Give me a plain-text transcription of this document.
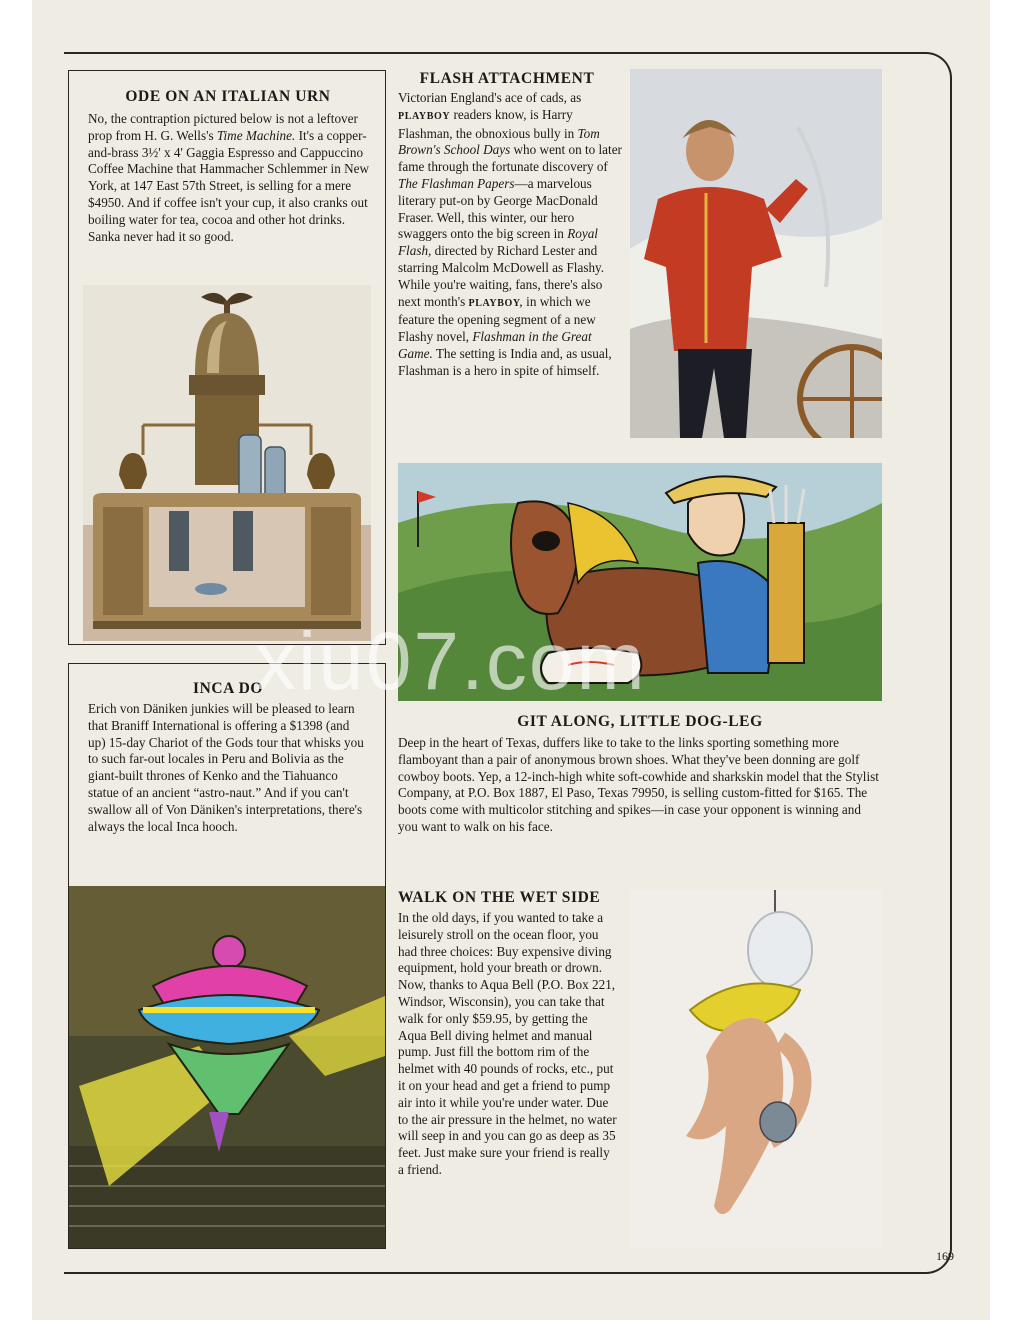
ODE ON AN ITALIAN URN

No, the contraption pictured below is not a leftover prop from H. G. Wells's Time Machine. It's a copper-and-brass 3½' x 4' Gaggia Espresso and Cappuccino Coffee Machine that Hammacher Schlemmer in New York, at 147 East 57th Street, is selling for a mere $4950. And if coffee isn't your cup, it also cranks out boiling water for tea, cocoa and other hot drinks. Sanka never had it so good.

FLASH ATTACHMENT

Victorian England's ace of cads, as PLAYBOY readers know, is Harry Flashman, the obnoxious bully in Tom Brown's School Days who went on to later fame through the fortunate discovery of The Flashman Papers—a marvelous literary put-on by George MacDonald Fraser. Well, this winter, our hero swaggers onto the big screen in Royal Flash, directed by Richard Lester and starring Malcolm McDowell as Flashy. While you're waiting, fans, there's also next month's PLAYBOY, in which we feature the opening segment of a new Flashy novel, Flashman in the Great Game. The setting is India and, as usual, Flashman is a hero in spite of himself.

GIT ALONG, LITTLE DOG-LEG

Deep in the heart of Texas, duffers like to take to the links sporting something more flamboyant than a pair of anonymous brown shoes. What they've been donning are golf cowboy boots. Yep, a 12-inch-high white soft-cowhide and sharkskin model that the Stylist Company, at P.O. Box 1887, El Paso, Texas 79950, is selling custom-fitted for $165. The boots come with multicolor stitching and spikes—in case your opponent is winning and you want to walk on his face.

INCA DO

Erich von Däniken junkies will be pleased to learn that Braniff International is offering a $1398 (and up) 15-day Chariot of the Gods tour that whisks you to such far-out locales in Peru and Bolivia as the giant-built thrones of Kenko and the Tiahuanco statue of an ancient “astro-naut.” And if you can't swallow all of Von Däniken's interpretations, there's always the local Inca hooch.

WALK ON THE WET SIDE

In the old days, if you wanted to take a leisurely stroll on the ocean floor, you had three choices: Buy expensive diving equipment, hold your breath or drown. Now, thanks to Aqua Bell (P.O. Box 221, Windsor, Wisconsin), you can take that walk for only $59.95, by getting the Aqua Bell diving helmet and manual pump. Just fill the bottom rim of the helmet with 40 pounds of rocks, etc., put it on your head and get a friend to pump air into it while you're under water. Due to the air pressure in the helmet, no water will seep in and you can go as deep as 35 feet. Just make sure your friend is really a friend.

xiu07.com
169
